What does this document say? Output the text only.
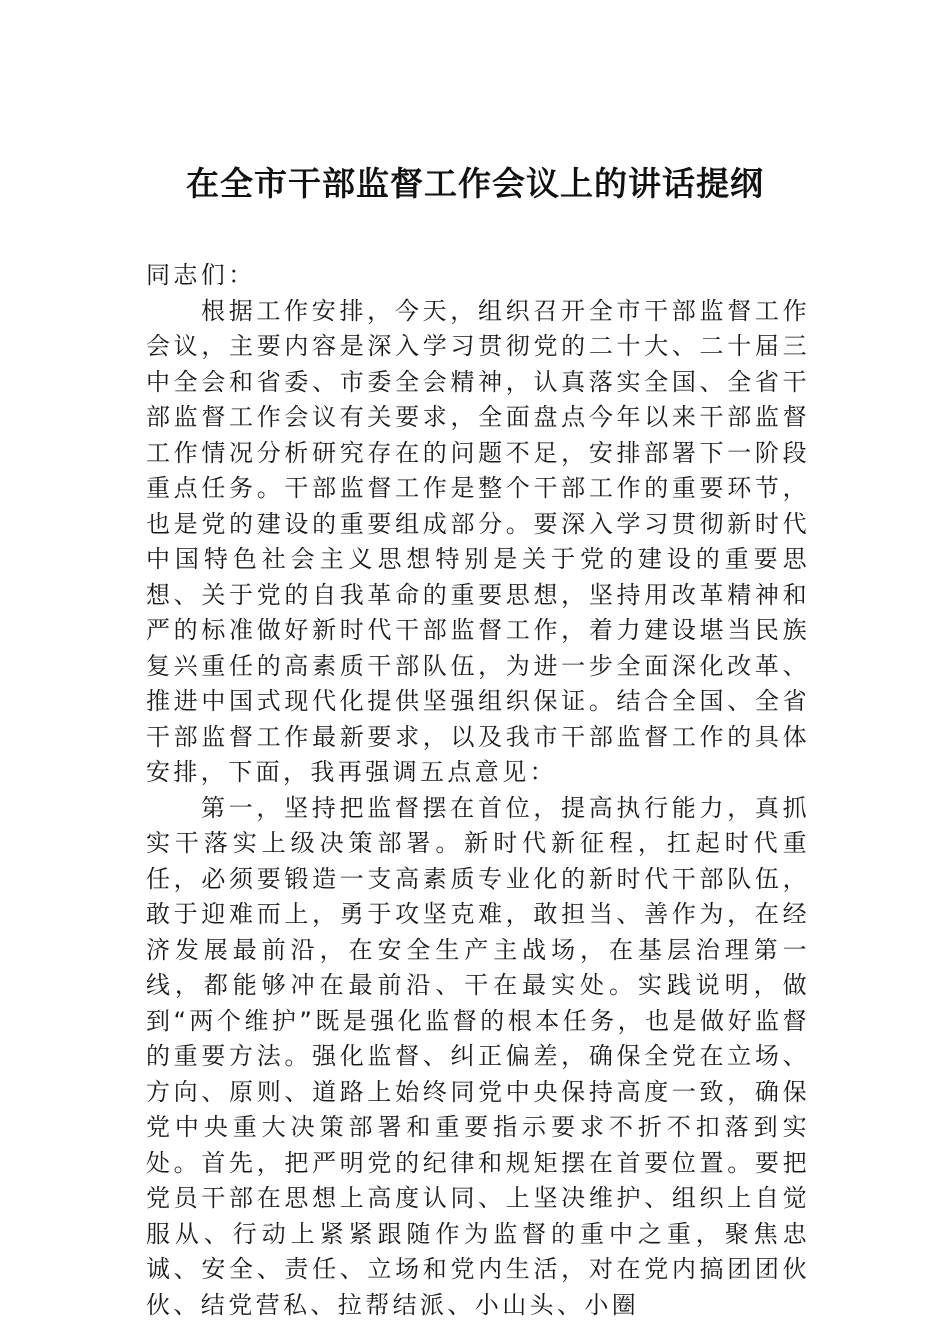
在全市干部监督工作会议上的讲话提纲

同志们：

根据工作安排，今天，组织召开全市干部监督工作会议，主要内容是深入学习贯彻党的二十大、二十届三中全会和省委、市委全会精神，认真落实全国、全省干部监督工作会议有关要求，全面盘点今年以来干部监督工作情况分析研究存在的问题不足，安排部署下一阶段重点任务。干部监督工作是整个干部工作的重要环节，也是党的建设的重要组成部分。要深入学习贯彻新时代中国特色社会主义思想特别是关于党的建设的重要思想、关于党的自我革命的重要思想，坚持用改革精神和严的标准做好新时代干部监督工作，着力建设堪当民族复兴重任的高素质干部队伍，为进一步全面深化改革、推进中国式现代化提供坚强组织保证。结合全国、全省干部监督工作最新要求，以及我市干部监督工作的具体安排，下面，我再强调五点意见：

第一，坚持把监督摆在首位，提高执行能力，真抓实干落实上级决策部署。新时代新征程，扛起时代重任，必须要锻造一支高素质专业化的新时代干部队伍，敢于迎难而上，勇于攻坚克难，敢担当、善作为，在经济发展最前沿，在安全生产主战场，在基层治理第一线，都能够冲在最前沿、干在最实处。实践说明，做到“两个维护”既是强化监督的根本任务，也是做好监督的重要方法。强化监督、纠正偏差，确保全党在立场、方向、原则、道路上始终同党中央保持高度一致，确保党中央重大决策部署和重要指示要求不折不扣落到实处。首先，把严明党的纪律和规矩摆在首要位置。要把党员干部在思想上高度认同、上坚决维护、组织上自觉服从、行动上紧紧跟随作为监督的重中之重，聚焦忠诚、安全、责任、立场和党内生活，对在党内搞团团伙伙、结党营私、拉帮结派、小山头、小圈
